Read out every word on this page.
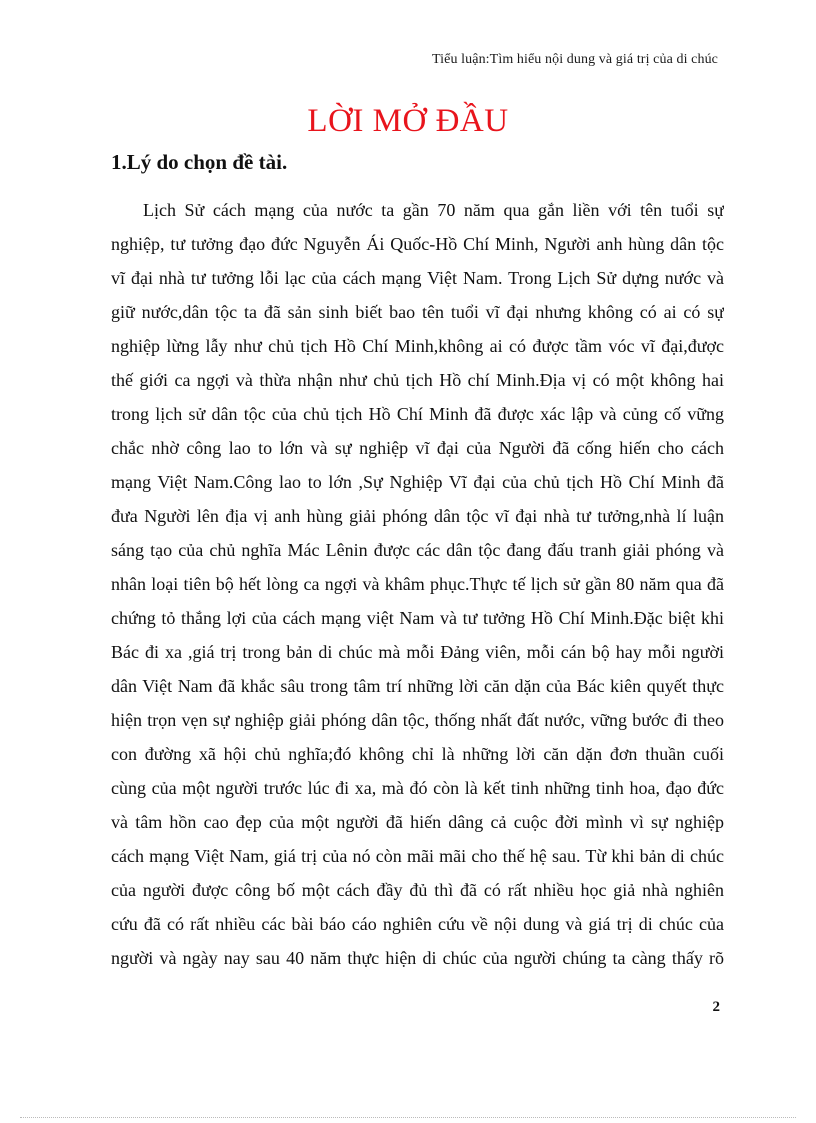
Tiểu luận:Tìm hiểu nội dung và giá trị của di chúc
LỜI MỞ ĐẦU
1.Lý do chọn đề tài.
Lịch Sử cách mạng của nước ta gần 70 năm qua gắn liền với tên tuổi sự
nghiệp, tư tưởng đạo đức Nguyễn Ái Quốc-Hồ Chí Minh, Người anh hùng dân tộc
vĩ đại nhà tư tưởng lỗi lạc của cách mạng Việt Nam. Trong Lịch Sử dựng nước và
giữ nước,dân tộc ta đã sản sinh biết bao tên tuổi vĩ đại nhưng không có ai có sự
nghiệp lừng lẫy như chủ tịch Hồ Chí Minh,không ai có được tầm vóc vĩ đại,được
thế giới ca ngợi và thừa nhận như chủ tịch Hồ chí Minh.Địa vị có một không hai
trong lịch sử dân tộc của chủ tịch Hồ Chí Minh đã được xác lập và củng cố vững
chắc nhờ công lao to lớn và sự nghiệp vĩ đại của Người đã cống hiến cho cách
mạng Việt Nam.Công lao to lớn ,Sự Nghiệp Vĩ đại của chủ tịch Hồ Chí Minh đã
đưa Người lên địa vị anh hùng giải phóng dân tộc vĩ đại nhà tư tưởng,nhà lí luận
sáng tạo của chủ nghĩa Mác Lênin được các dân tộc đang đấu tranh giải phóng và
nhân loại tiên bộ hết lòng ca ngợi và khâm phục.Thực tế lịch sử gần 80 năm qua đã
chứng tỏ thắng lợi của cách mạng việt Nam và tư tưởng Hồ Chí Minh.Đặc biệt khi
Bác đi xa ,giá trị trong bản di chúc mà mỗi Đảng viên, mỗi cán bộ hay mỗi người
dân Việt Nam đã khắc sâu trong tâm trí những lời căn dặn của Bác kiên quyết thực
hiện trọn vẹn sự nghiệp giải phóng dân tộc, thống nhất đất nước, vững bước đi theo
con đường xã hội chủ nghĩa;đó không chỉ là những lời căn dặn đơn thuần cuối
cùng của một người trước lúc đi xa, mà đó còn là kết tinh những tinh hoa, đạo đức
và tâm hồn cao đẹp của một người đã hiến dâng cả cuộc đời mình vì sự nghiệp
cách mạng Việt Nam, giá trị của nó còn mãi mãi cho thế hệ sau. Từ khi bản di chúc
của người được công bố một cách đầy đủ thì đã có rất nhiều học giả nhà nghiên
cứu đã có rất nhiều các bài báo cáo nghiên cứu về nội dung và giá trị di chúc của
người và ngày nay sau 40 năm thực hiện di chúc của người chúng ta càng thấy rõ
2
